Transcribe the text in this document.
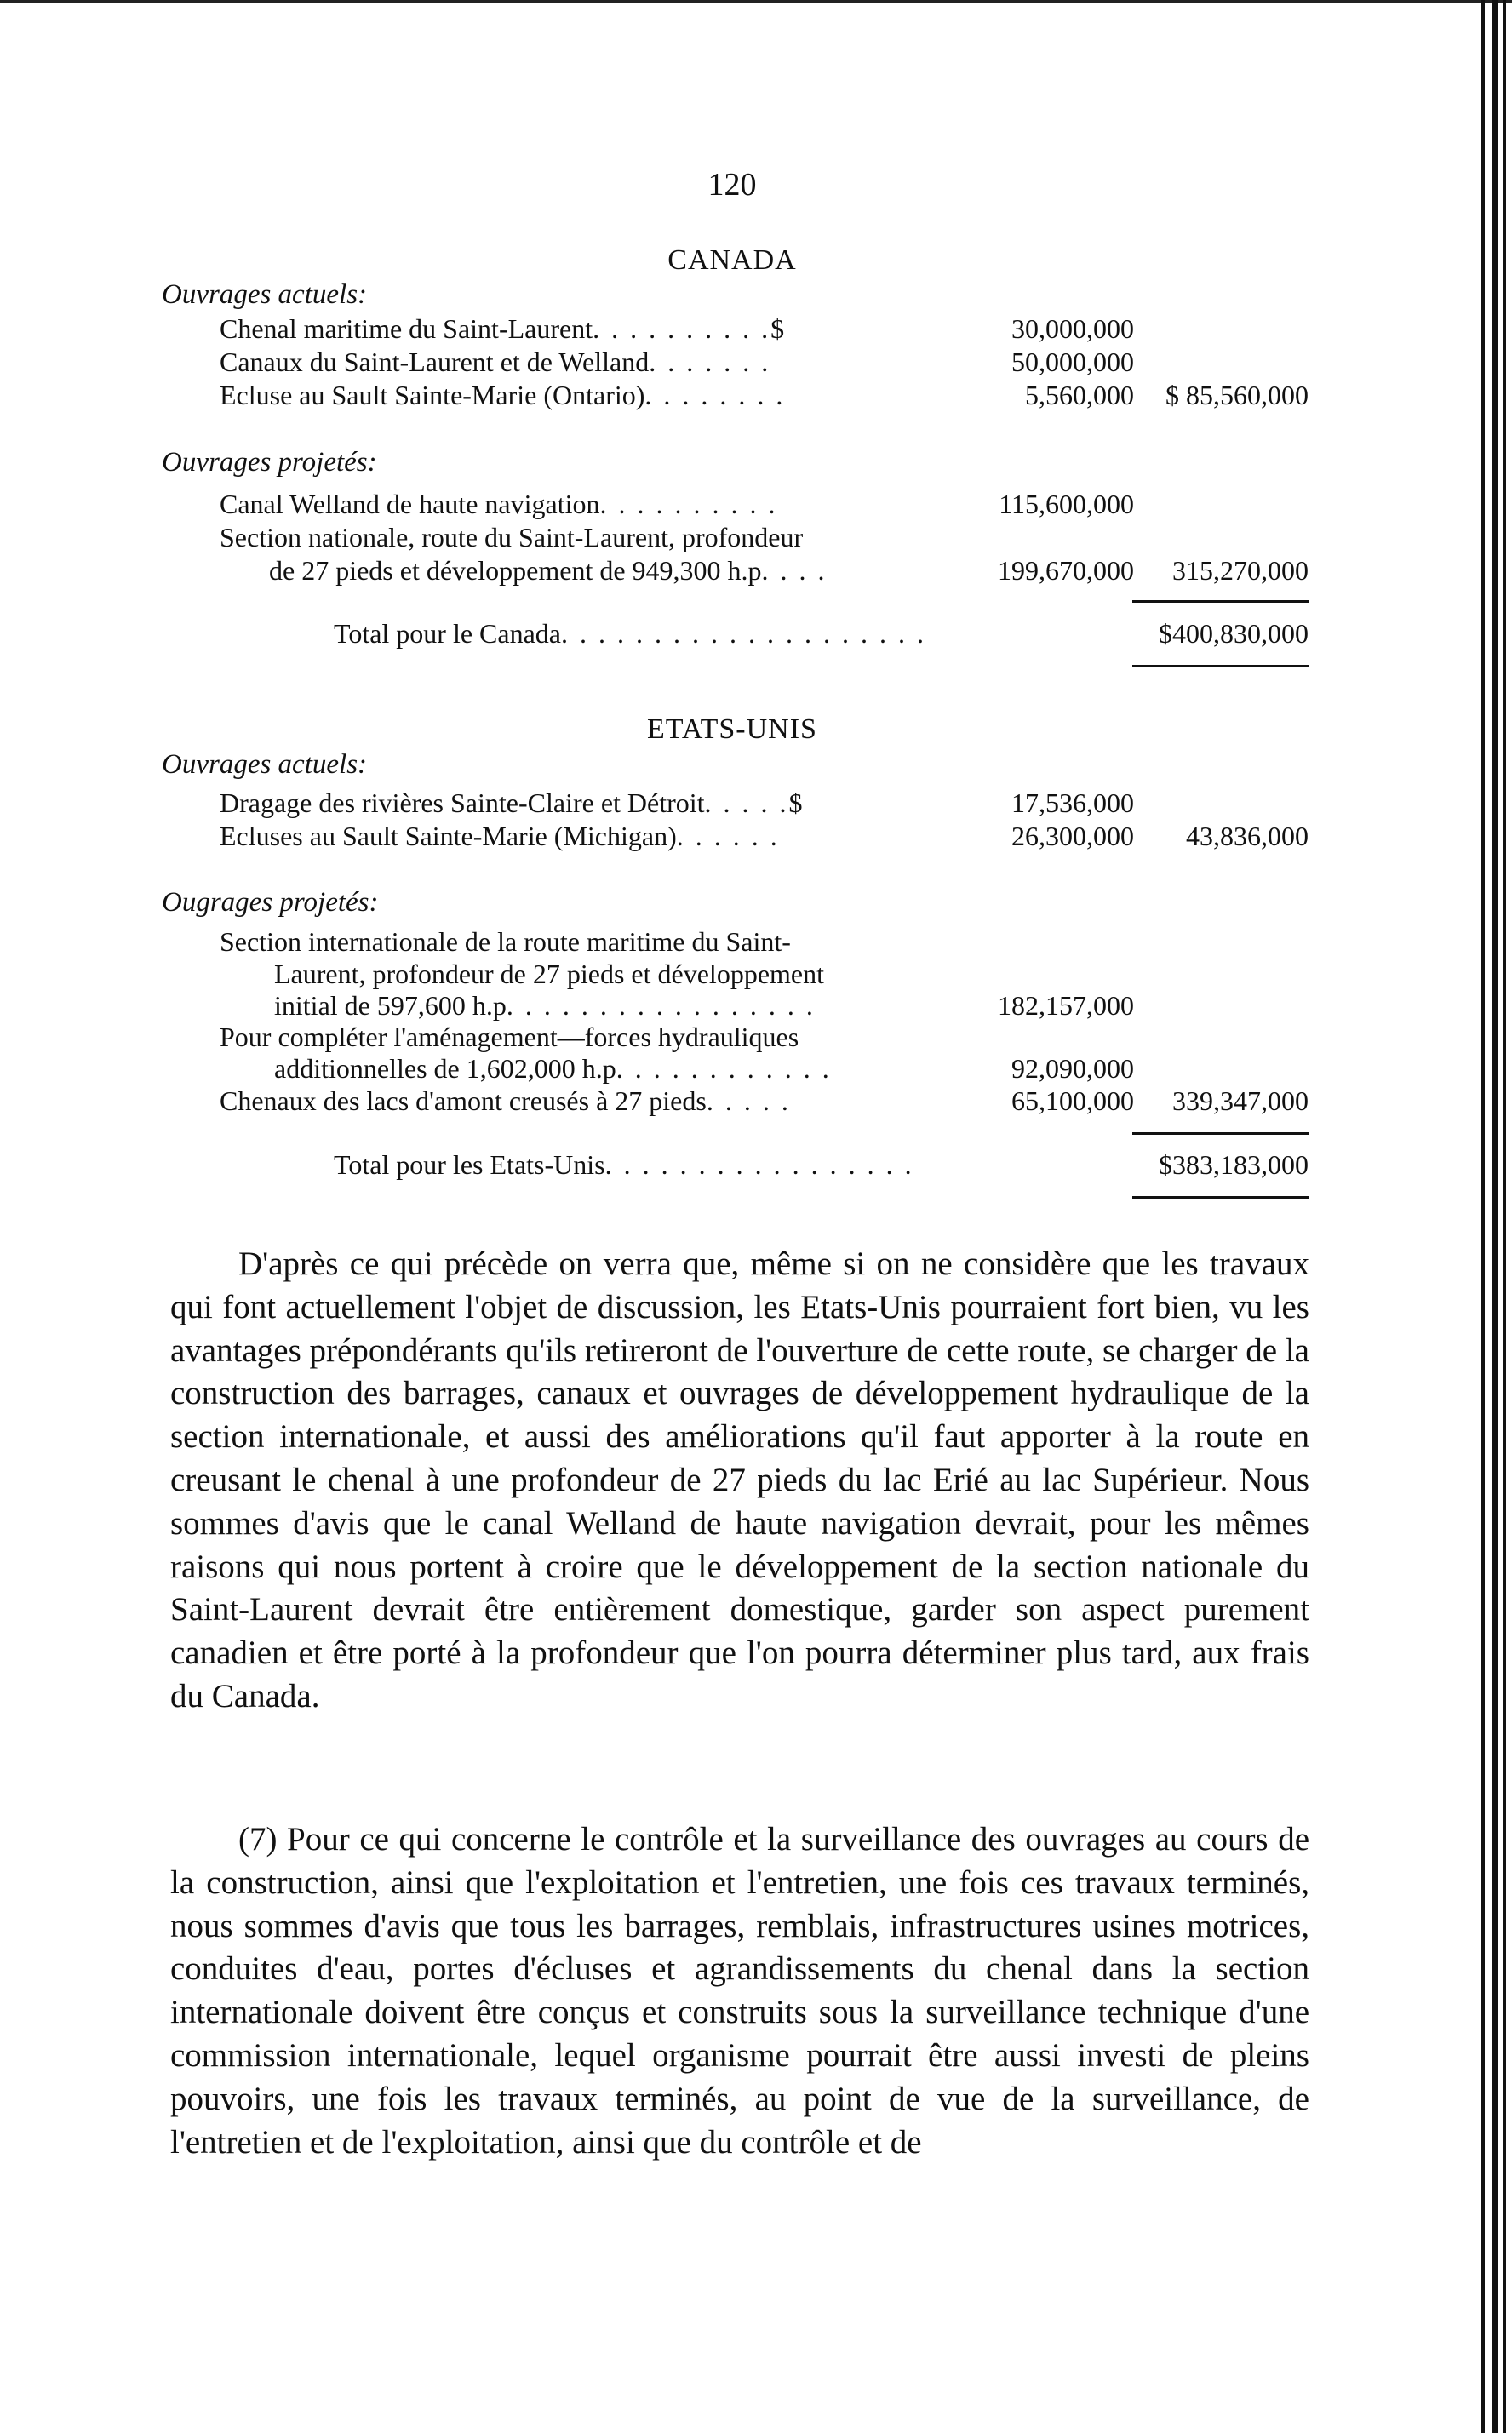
120
CANADA
Ouvrages actuels:
Chenal maritime du Saint-Laurent. . . . . . . . . .$	30,000,000
Canaux du Saint-Laurent et de Welland. . . . . . .	50,000,000
Ecluse au Sault Sainte-Marie (Ontario). . . . . . . .	5,560,000 $ 85,560,000
Ouvrages projetés:
Canal Welland de haute navigation. . . . . . . . . .	115,600,000
Section nationale, route du Saint-Laurent, profondeur
de 27 pieds et développement de 949,300 h.p. . . .	199,670,000 315,270,000
Total pour le Canada. . . . . . . . . . . . . . . . . . . .	$400,830,000
ETATS-UNIS
Ouvrages actuels:
Dragage des rivières Sainte-Claire et Détroit. . . . .$	17,536,000
Ecluses au Sault Sainte-Marie (Michigan). . . . . .	26,300,000 43,836,000
Ougrages projetés:
Section internationale de la route maritime du Saint-
Laurent, profondeur de 27 pieds et développement
initial de 597,600 h.p. . . . . . . . . . . . . . . . .	182,157,000
Pour compléter l'aménagement—forces hydrauliques
additionnelles de 1,602,000 h.p. . . . . . . . . . . .	92,090,000
Chenaux des lacs d'amont creusés à 27 pieds. . . . .	65,100,000 339,347,000
Total pour les Etats-Unis. . . . . . . . . . . . . . . . .	$383,183,000

D'après ce qui précède on verra que, même si on ne considère que les travaux qui font actuellement l'objet de discussion, les Etats-Unis pourraient fort bien, vu les avantages prépondérants qu'ils retireront de l'ouverture de cette route, se charger de la construction des barrages, canaux et ouvrages de développement hydraulique de la section internationale, et aussi des améliorations qu'il faut apporter à la route en creusant le chenal à une profondeur de 27 pieds du lac Erié au lac Supérieur. Nous sommes d'avis que le canal Welland de haute navigation devrait, pour les mêmes raisons qui nous portent à croire que le développement de la section nationale du Saint-Laurent devrait être entièrement domestique, garder son aspect purement canadien et être porté à la profondeur que l'on pourra déterminer plus tard, aux frais du Canada.

(7) Pour ce qui concerne le contrôle et la surveillance des ouvrages au cours de la construction, ainsi que l'exploitation et l'entretien, une fois ces travaux terminés, nous sommes d'avis que tous les barrages, remblais, infrastructures usines motrices, conduites d'eau, portes d'écluses et agrandissements du chenal dans la section internationale doivent être conçus et construits sous la surveillance technique d'une commission internationale, lequel organisme pourrait être aussi investi de pleins pouvoirs, une fois les travaux terminés, au point de vue de la surveillance, de l'entretien et de l'exploitation, ainsi que du contrôle et de
